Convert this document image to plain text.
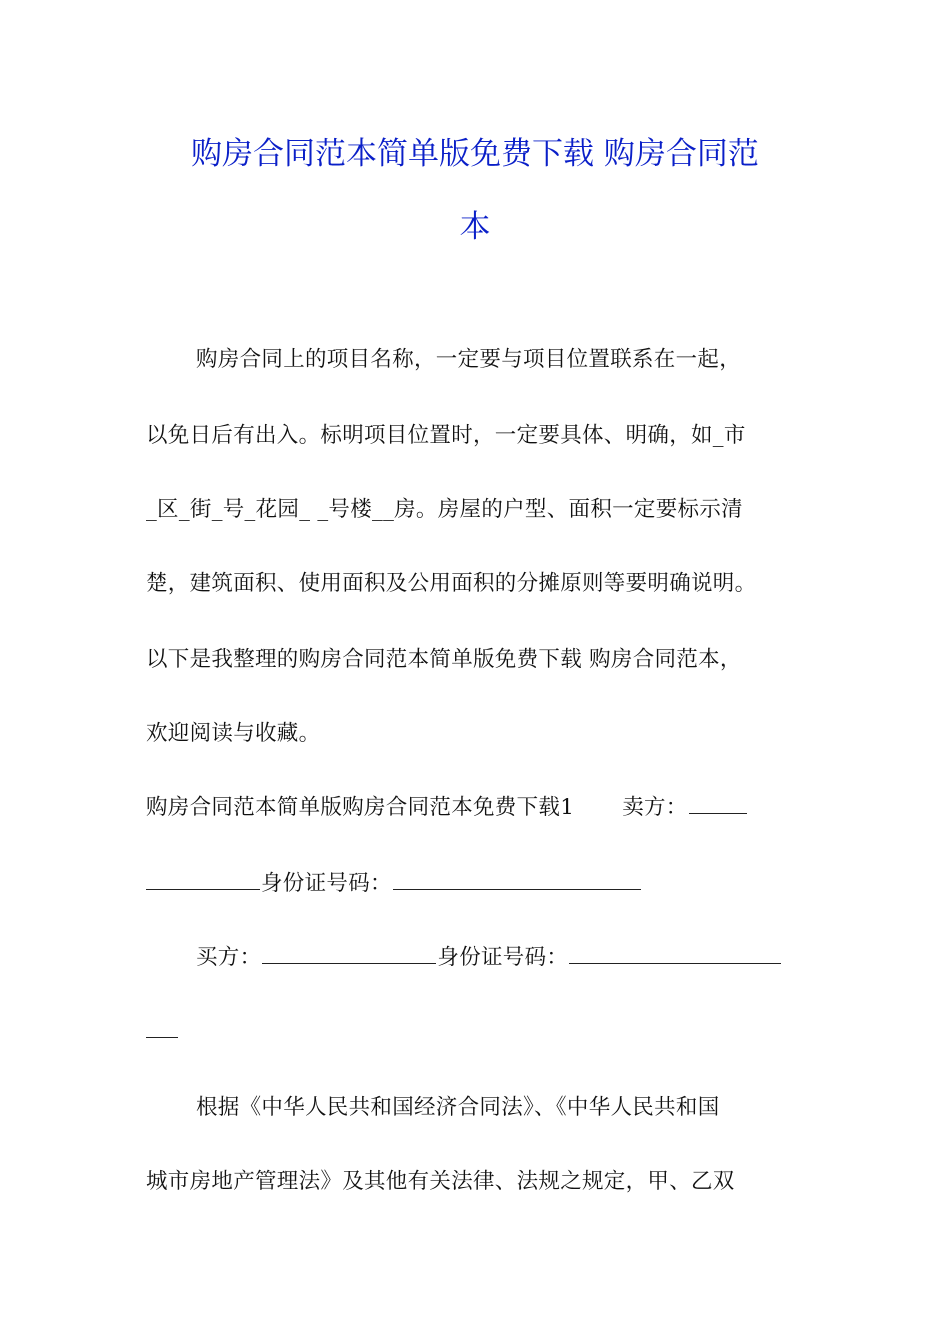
购房合同范本简单版免费下载 购房合同范
本
购房合同上的项目名称，一定要与项目位置联系在一起，
以免日后有出入。标明项目位置时，一定要具体、明确，如_市
_区_街_号_花园_ _号楼__房。房屋的户型、面积一定要标示清
楚，建筑面积、使用面积及公用面积的分摊原则等要明确说明。
以下是我整理的购房合同范本简单版免费下载 购房合同范本，
欢迎阅读与收藏。
购房合同范本简单版购房合同范本免费下载1 卖方：
身份证号码：
买方：	身份证号码：
根据《中华人民共和国经济合同法》、《中华人民共和国
城市房地产管理法》及其他有关法律、法规之规定，甲、乙双
